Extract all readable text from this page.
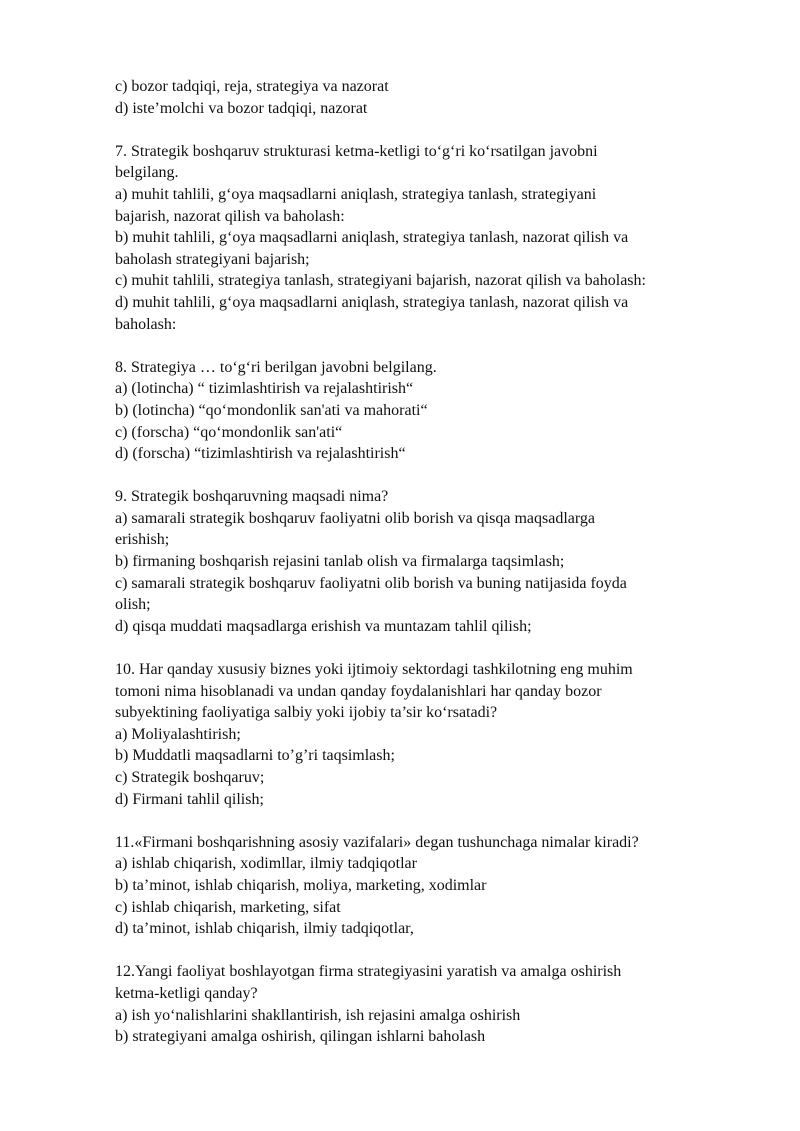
c) bozor tadqiqi, reja, strategiya va nazorat
d) iste’molchi va bozor tadqiqi, nazorat
7. Strategik boshqaruv strukturasi ketma-ketligi to‘g‘ri ko‘rsatilgan javobni
belgilang.
a) muhit tahlili, g‘oya maqsadlarni aniqlash, strategiya tanlash, strategiyani
bajarish, nazorat qilish va baholash:
b) muhit tahlili, g‘oya maqsadlarni aniqlash, strategiya tanlash, nazorat qilish va
baholash strategiyani bajarish;
c) muhit tahlili, strategiya tanlash, strategiyani bajarish, nazorat qilish va baholash:
d) muhit tahlili, g‘oya maqsadlarni aniqlash, strategiya tanlash, nazorat qilish va
baholash:
8. Strategiya … to‘g‘ri berilgan javobni belgilang.
a) (lotincha) “ tizimlashtirish va rejalashtirish“
b) (lotincha) “qo‘mondonlik san'ati va mahorati“
c) (forscha) “qo‘mondonlik san'ati“
d) (forscha) “tizimlashtirish va rejalashtirish“
9. Strategik boshqaruvning maqsadi nima?
a) samarali strategik boshqaruv faoliyatni olib borish va qisqa maqsadlarga
erishish;
b) firmaning boshqarish rejasini tanlab olish va firmalarga taqsimlash;
c) samarali strategik boshqaruv faoliyatni olib borish va buning natijasida foyda
olish;
d) qisqa muddati maqsadlarga erishish va muntazam tahlil qilish;
10. Har qanday xususiy biznes yoki ijtimoiy sektordagi tashkilotning eng muhim
tomoni nima hisoblanadi va undan qanday foydalanishlari har qanday bozor
subyektining faoliyatiga salbiy yoki ijobiy ta’sir ko‘rsatadi?
a) Moliyalashtirish;
b) Muddatli maqsadlarni to’g’ri taqsimlash;
c) Strategik boshqaruv;
d) Firmani tahlil qilish;
11.«Firmani boshqarishning asosiy vazifalari» degan tushunchaga nimalar kiradi?
a) ishlab chiqarish, xodimllar, ilmiy tadqiqotlar
b) ta’minot, ishlab chiqarish, moliya, marketing, xodimlar
c) ishlab chiqarish, marketing, sifat
d) ta’minot, ishlab chiqarish, ilmiy tadqiqotlar,
12.Yangi faoliyat boshlayotgan firma strategiyasini yaratish va amalga oshirish
ketma-ketligi qanday?
a) ish yo‘nalishlarini shakllantirish, ish rejasini amalga oshirish
b) strategiyani amalga oshirish, qilingan ishlarni baholash
